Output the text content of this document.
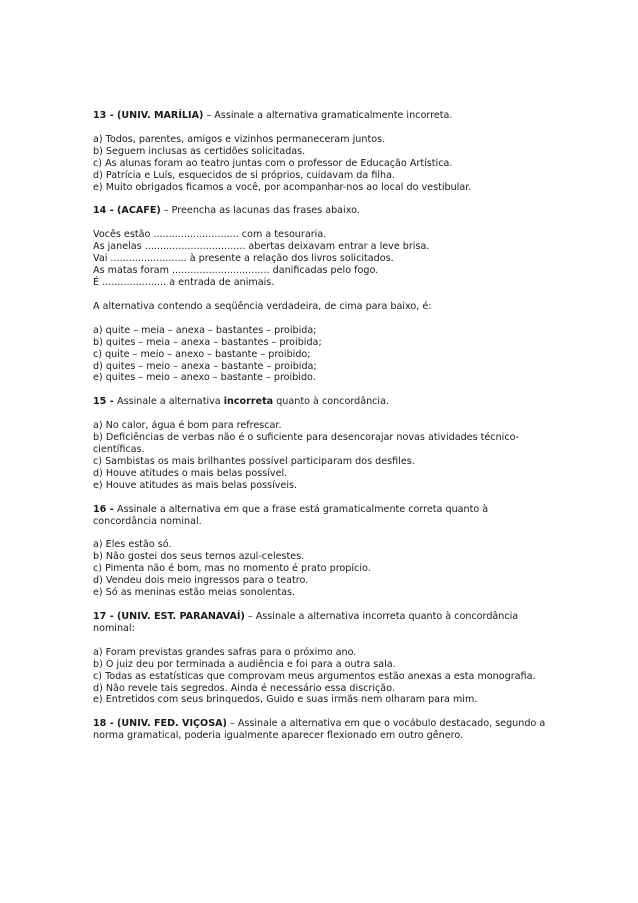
13 - (UNIV. MARÍLIA) – Assinale a alternativa gramaticalmente incorreta.
a) Todos, parentes, amigos e vizinhos permaneceram juntos.
b) Seguem inclusas as certidões solicitadas.
c) As alunas foram ao teatro juntas com o professor de Educação Artística.
d) Patrícia e Luís, esquecidos de si próprios, cuidavam da filha.
e) Muito obrigados ficamos a você, por acompanhar-nos ao local do vestibular.
14 - (ACAFE) – Preencha as lacunas das frases abaixo.
Vocês estão ............................ com a tesouraria.
As janelas ................................. abertas deixavam entrar a leve brisa.
Vai ......................... à presente a relação dos livros solicitados.
As matas foram ................................ danificadas pelo fogo.
É ..................... a entrada de animais.
A alternativa contendo a seqüência verdadeira, de cima para baixo, é:
a) quite – meia – anexa – bastantes – proibida;
b) quites – meia – anexa – bastantes – proibida;
c) quite – meio – anexo – bastante – proibido;
d) quites – meio – anexa – bastante – proibida;
e) quites – meio – anexo – bastante – proibido.
15 - Assinale a alternativa incorreta quanto à concordância.
a) No calor, água é bom para refrescar.
b) Deficiências de verbas não é o suficiente para desencorajar novas atividades técnico-
científicas.
c) Sambistas os mais brilhantes possível participaram dos desfiles.
d) Houve atitudes o mais belas possível.
e) Houve atitudes as mais belas possíveis.
16 - Assinale a alternativa em que a frase está gramaticalmente correta quanto à
concordância nominal.
a) Eles estão só.
b) Não gostei dos seus ternos azul-celestes.
c) Pimenta não é bom, mas no momento é prato propício.
d) Vendeu dois meio ingressos para o teatro.
e) Só as meninas estão meias sonolentas.
17 - (UNIV. EST. PARANAVAÍ) – Assinale a alternativa incorreta quanto à concordância
nominal:
a) Foram previstas grandes safras para o próximo ano.
b) O juiz deu por terminada a audiência e foi para a outra sala.
c) Todas as estatísticas que comprovam meus argumentos estão anexas a esta monografia.
d) Não revele tais segredos. Ainda é necessário essa discrição.
e) Entretidos com seus brinquedos, Guido e suas irmãs nem olharam para mim.
18 - (UNIV. FED. VIÇOSA) – Assinale a alternativa em que o vocábulo destacado, segundo a
norma gramatical, poderia igualmente aparecer flexionado em outro gênero.
